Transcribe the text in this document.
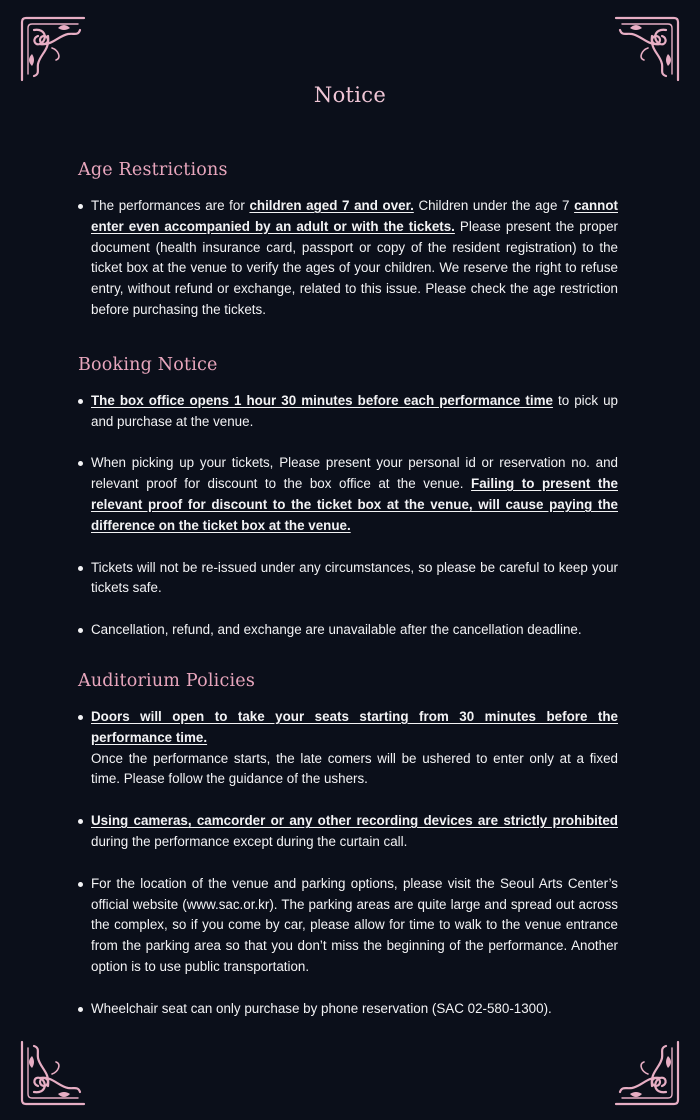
Notice
Age Restrictions
The performances are for children aged 7 and over. Children under the age 7 cannot enter even accompanied by an adult or with the tickets. Please present the proper document (health insurance card, passport or copy of the resident registration) to the ticket box at the venue to verify the ages of your children. We reserve the right to refuse entry, without refund or exchange, related to this issue. Please check the age restriction before purchasing the tickets.
Booking Notice
The box office opens 1 hour 30 minutes before each performance time to pick up and purchase at the venue.
When picking up your tickets, Please present your personal id or reservation no. and relevant proof for discount to the box office at the venue. Failing to present the relevant proof for discount to the ticket box at the venue, will cause paying the difference on the ticket box at the venue.
Tickets will not be re-issued under any circumstances, so please be careful to keep your tickets safe.
Cancellation, refund, and exchange are unavailable after the cancellation deadline.
Auditorium Policies
Doors will open to take your seats starting from 30 minutes before the performance time.
Once the performance starts, the late comers will be ushered to enter only at a fixed time. Please follow the guidance of the ushers.
Using cameras, camcorder or any other recording devices are strictly prohibited during the performance except during the curtain call.
For the location of the venue and parking options, please visit the Seoul Arts Center’s official website (www.sac.or.kr). The parking areas are quite large and spread out across the complex, so if you come by car, please allow for time to walk to the venue entrance from the parking area so that you don’t miss the beginning of the performance. Another option is to use public transportation.
Wheelchair seat can only purchase by phone reservation (SAC 02-580-1300).
